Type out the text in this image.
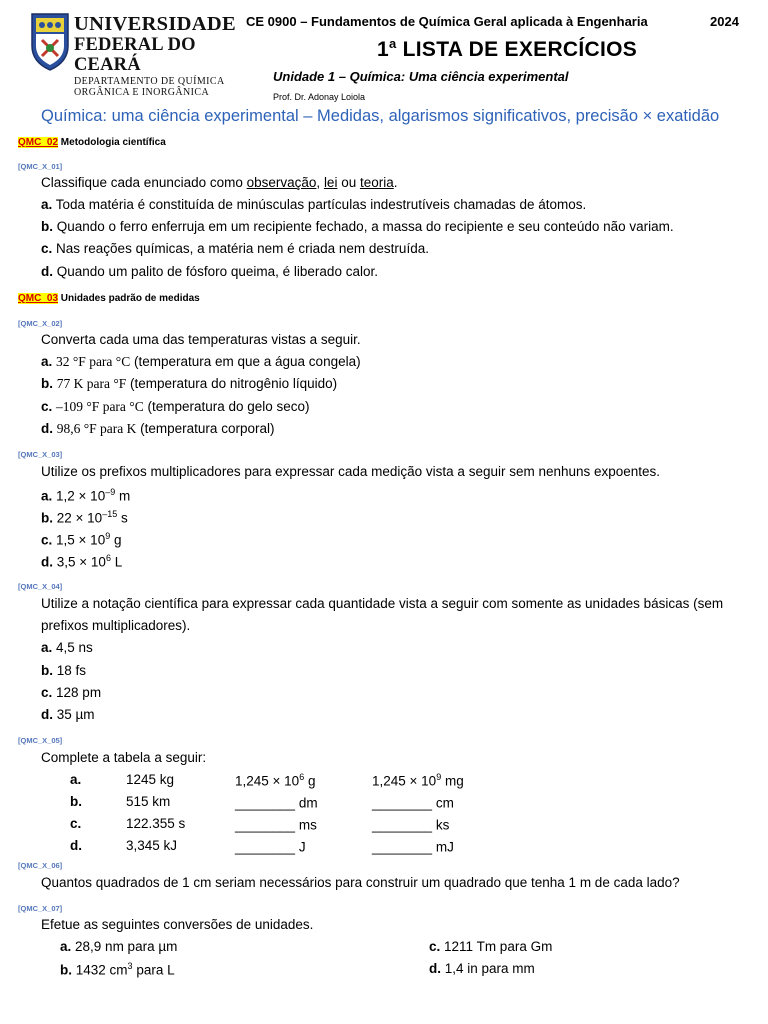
UNIVERSIDADE
FEDERAL DO CEARÁ
DEPARTAMENTO DE QUÍMICA
ORGÂNICA E INORGÂNICA
CE 0900 – Fundamentos de Química Geral aplicada à Engenharia	2024
1$^a$ LISTA DE EXERCÍCIOS
Unidade 1 – Química: Uma ciência experimental
Prof. Dr. Adonay Loiola
Química: uma ciência experimental – Medidas, algarismos significativos, precisão × exatidão
QMC_02 Metodologia científica
[QMC_X_01]
Classifique cada enunciado como observação, lei ou teoria.
a. Toda matéria é constituída de minúsculas partículas indestrutíveis chamadas de átomos.
b. Quando o ferro enferruja em um recipiente fechado, a massa do recipiente e seu conteúdo não variam.
c. Nas reações químicas, a matéria nem é criada nem destruída.
d. Quando um palito de fósforo queima, é liberado calor.
QMC_03 Unidades padrão de medidas
[QMC_X_02]
Converta cada uma das temperaturas vistas a seguir.
a. 32 °F para °C (temperatura em que a água congela)
b. 77 K para °F (temperatura do nitrogênio líquido)
c. –109 °F para °C (temperatura do gelo seco)
d. 98,6 °F para K (temperatura corporal)
[QMC_X_03]
Utilize os prefixos multiplicadores para expressar cada medição vista a seguir sem nenhuns expoentes.
a. $1,2 \times 10^{-9}$ m
b. $22 \times 10^{-15}$ s
c. $1,5 \times 10^9$ g
d. $3,5 \times 10^6$ L
[QMC_X_04]
Utilize a notação científica para expressar cada quantidade vista a seguir com somente as unidades básicas (sem
prefixos multiplicadores).
a. 4,5 ns
b. 18 fs
c. 128 pm
d. 35 µm
[QMC_X_05]
Complete a tabela a seguir:
a.	1245 kg	$1,245 \times 10^6$ g	$1,245 \times 10^9$ mg
b.	515 km	________ dm	________ cm
c.	122.355 s	________ ms	________ ks
d.	3,345 kJ	________ J	________ mJ
[QMC_X_06]
Quantos quadrados de 1 cm seriam necessários para construir um quadrado que tenha 1 m de cada lado?
[QMC_X_07]
Efetue as seguintes conversões de unidades.
a. 28,9 nm para µm
b. 1432 $cm^3$ para L
c. 1211 Tm para Gm
d. 1,4 in para mm
